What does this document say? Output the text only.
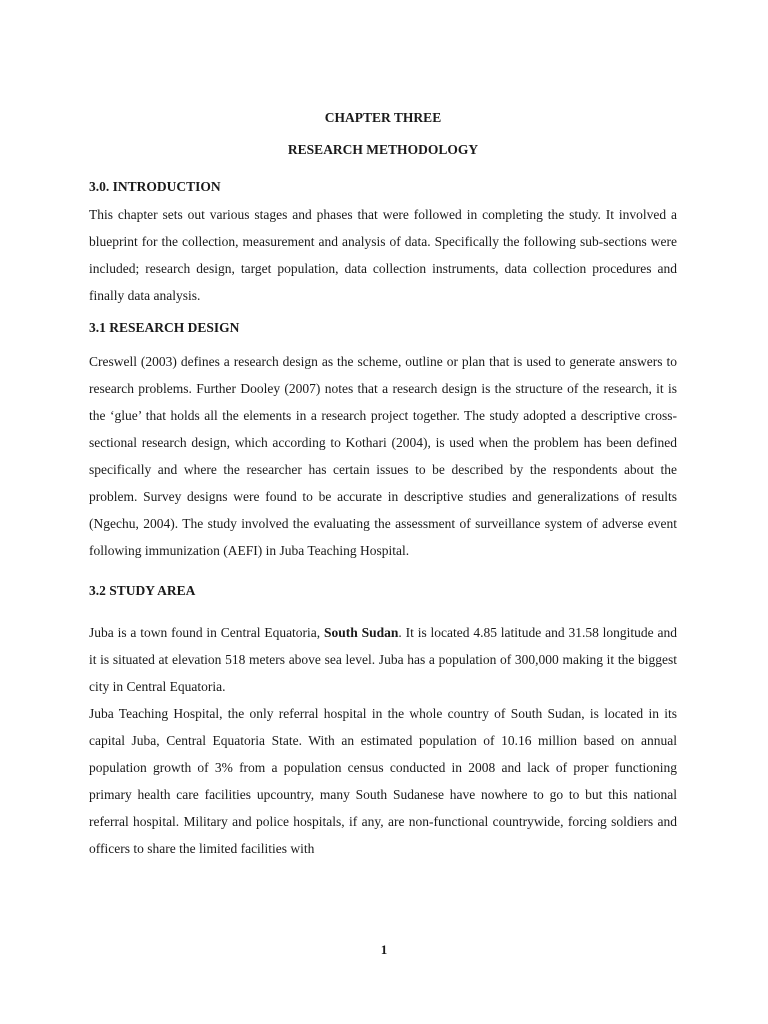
CHAPTER THREE
RESEARCH METHODOLOGY
3.0. INTRODUCTION

This chapter sets out various stages and phases that were followed in completing the study. It involved a blueprint for the collection, measurement and analysis of data. Specifically the following sub-sections were included; research design, target population, data collection instruments, data collection procedures and finally data analysis.

3.1 RESEARCH DESIGN

Creswell (2003) defines a research design as the scheme, outline or plan that is used to generate answers to research problems. Further Dooley (2007) notes that a research design is the structure of the research, it is the ‘glue’ that holds all the elements in a research project together. The study adopted a descriptive cross-sectional research design, which according to Kothari (2004), is used when the problem has been defined specifically and where the researcher has certain issues to be described by the respondents about the problem. Survey designs were found to be accurate in descriptive studies and generalizations of results (Ngechu, 2004). The study involved the evaluating the assessment of surveillance system of adverse event following immunization (AEFI) in Juba Teaching Hospital.

3.2 STUDY AREA

Juba is a town found in Central Equatoria, South Sudan. It is located 4.85 latitude and 31.58 longitude and it is situated at elevation 518 meters above sea level. Juba has a population of 300,000 making it the biggest city in Central Equatoria.

Juba Teaching Hospital, the only referral hospital in the whole country of South Sudan, is located in its capital Juba, Central Equatoria State. With an estimated population of 10.16 million based on annual population growth of 3% from a population census conducted in 2008 and lack of proper functioning primary health care facilities upcountry, many South Sudanese have nowhere to go to but this national referral hospital. Military and police hospitals, if any, are non-functional countrywide, forcing soldiers and officers to share the limited facilities with

1
